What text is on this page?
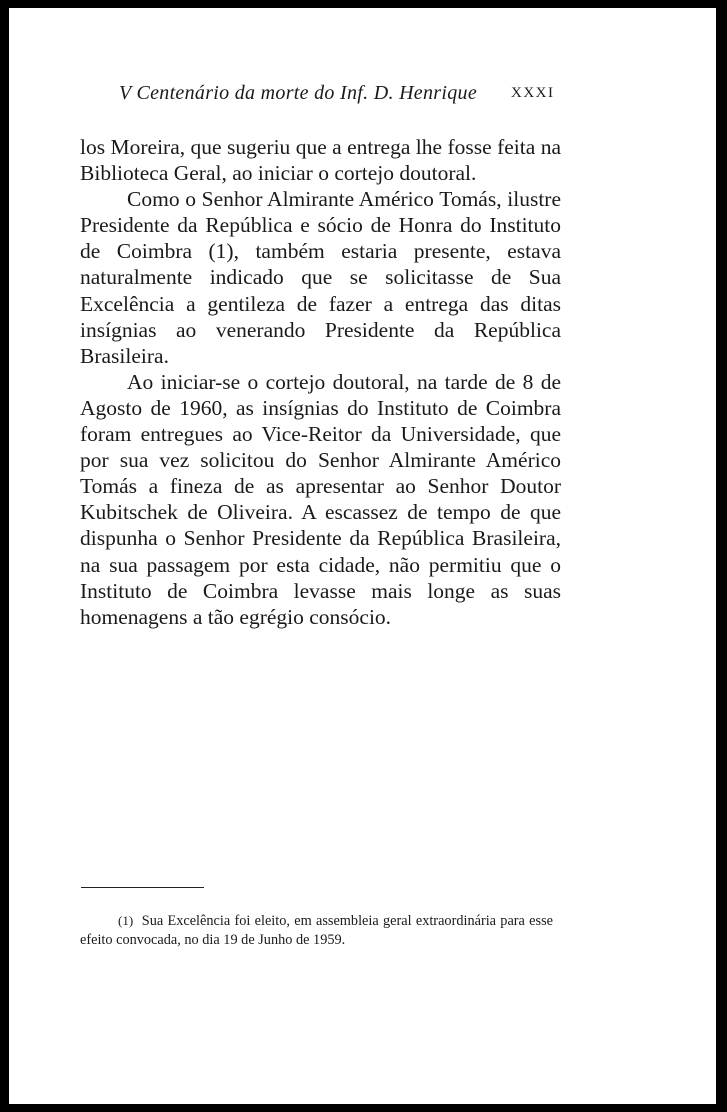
V Centenário da morte do Inf. D. Henrique XXXI

los Moreira, que sugeriu que a entrega lhe fosse feita na Biblioteca Geral, ao iniciar o cortejo doutoral.

Como o Senhor Almirante Américo Tomás, ilustre Presidente da República e sócio de Honra do Instituto de Coimbra (1), também estaria presente, estava naturalmente indicado que se solicitasse de Sua Excelência a gentileza de fazer a entrega das ditas insígnias ao venerando Presidente da República Brasileira.

Ao iniciar-se o cortejo doutoral, na tarde de 8 de Agosto de 1960, as insígnias do Instituto de Coimbra foram entregues ao Vice-Reitor da Universidade, que por sua vez solicitou do Senhor Almirante Américo Tomás a fineza de as apresentar ao Senhor Doutor Kubitschek de Oliveira. A escassez de tempo de que dispunha o Senhor Presidente da República Brasileira, na sua passagem por esta cidade, não permitiu que o Instituto de Coimbra levasse mais longe as suas homenagens a tão egrégio consócio.

(1) Sua Excelência foi eleito, em assembleia geral extraordinária para esse efeito convocada, no dia 19 de Junho de 1959.
